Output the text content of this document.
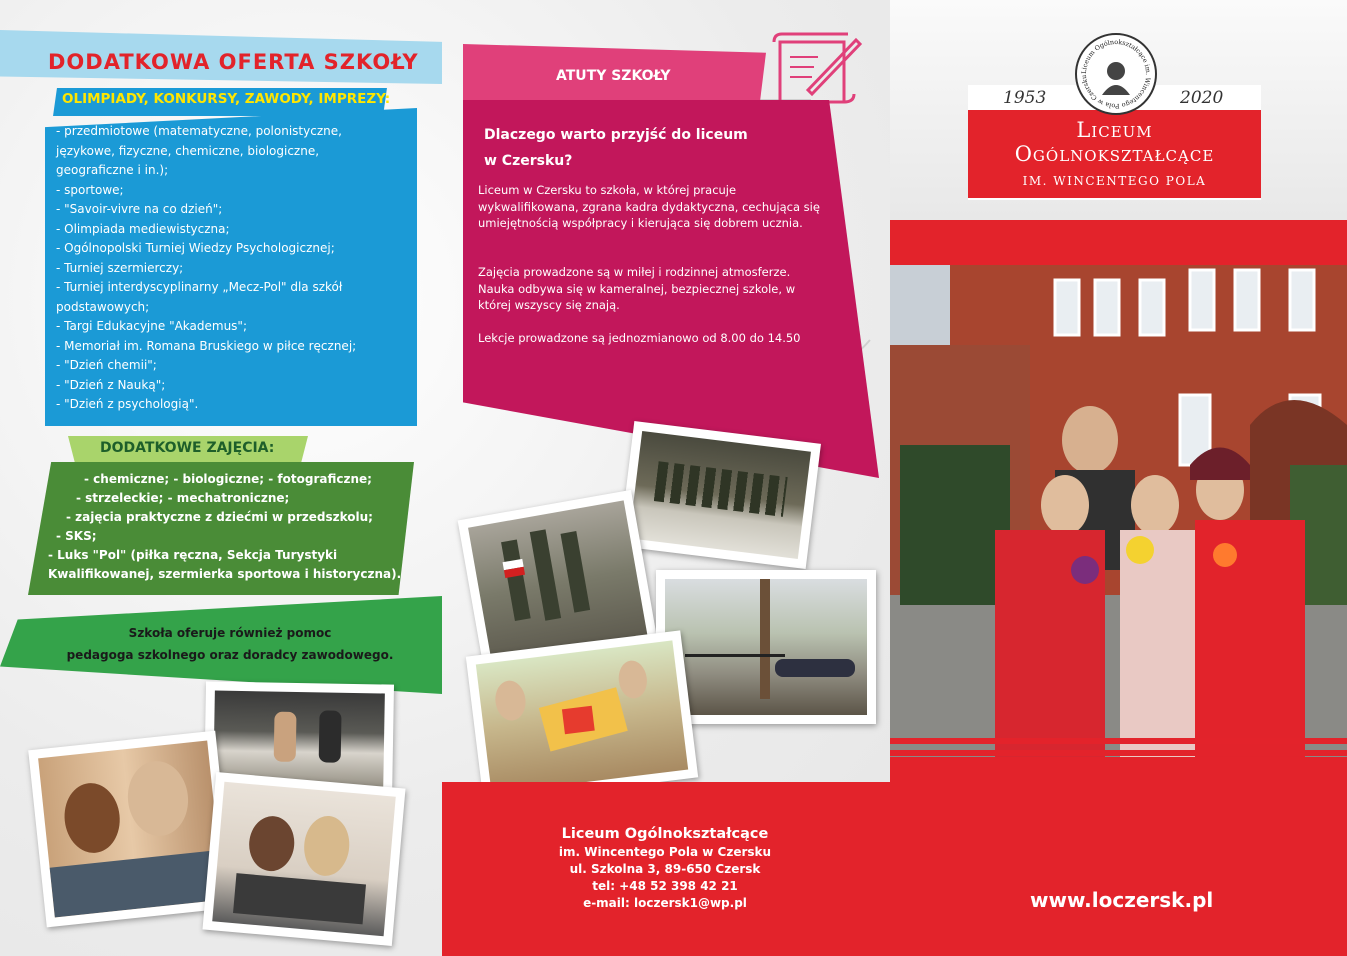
DODATKOWA OFERTA SZKOŁY
OLIMPIADY, KONKURSY, ZAWODY, IMPREZY:
- przedmiotowe (matematyczne, polonistyczne,
językowe, fizyczne, chemiczne, biologiczne,
geograficzne i in.);
- sportowe;
- "Savoir-vivre na co dzień";
- Olimpiada mediewistyczna;
- Ogólnopolski Turniej Wiedzy Psychologicznej;
- Turniej szermierczy;
- Turniej interdyscyplinarny „Mecz-Pol" dla szkół
podstawowych;
- Targi Edukacyjne "Akademus";
- Memoriał im. Romana Bruskiego w piłce ręcznej;
- "Dzień chemii";
- "Dzień z Nauką";
- "Dzień z psychologią".
DODATKOWE ZAJĘCIA:
- chemiczne; - biologiczne; - fotograficzne;
- strzeleckie; - mechatroniczne;
- zajęcia praktyczne z dziećmi w przedszkolu;
- SKS;
- Luks "Pol" (piłka ręczna, Sekcja Turystyki
Kwalifikowanej, szermierka sportowa i historyczna).
Szkoła oferuje również pomoc
pedagoga szkolnego oraz doradcy zawodowego.
ATUTY SZKOŁY
Dlaczego warto przyjść do liceum
w Czersku?

Liceum w Czersku to szkoła, w której pracuje wykwalifikowana, zgrana kadra dydaktyczna, cechująca się umiejętnością współpracy i kierująca się dobrem ucznia.

Zajęcia prowadzone są w miłej i rodzinnej atmosferze. Nauka odbywa się w kameralnej, bezpiecznej szkole, w której wszyscy się znają.

Lekcje prowadzone są jednozmianowo od 8.00 do 14.50

1953	2020
Liceum Ogólnokształcące im. Wincentego Pola w Czersku
Liceum
Ogólnokształcące
IM. WINCENTEGO POLA
Liceum Ogólnokształcące
im. Wincentego Pola w Czersku
ul. Szkolna 3, 89-650 Czersk
tel: +48 52 398 42 21
e-mail: loczersk1@wp.pl	www.loczersk.pl
